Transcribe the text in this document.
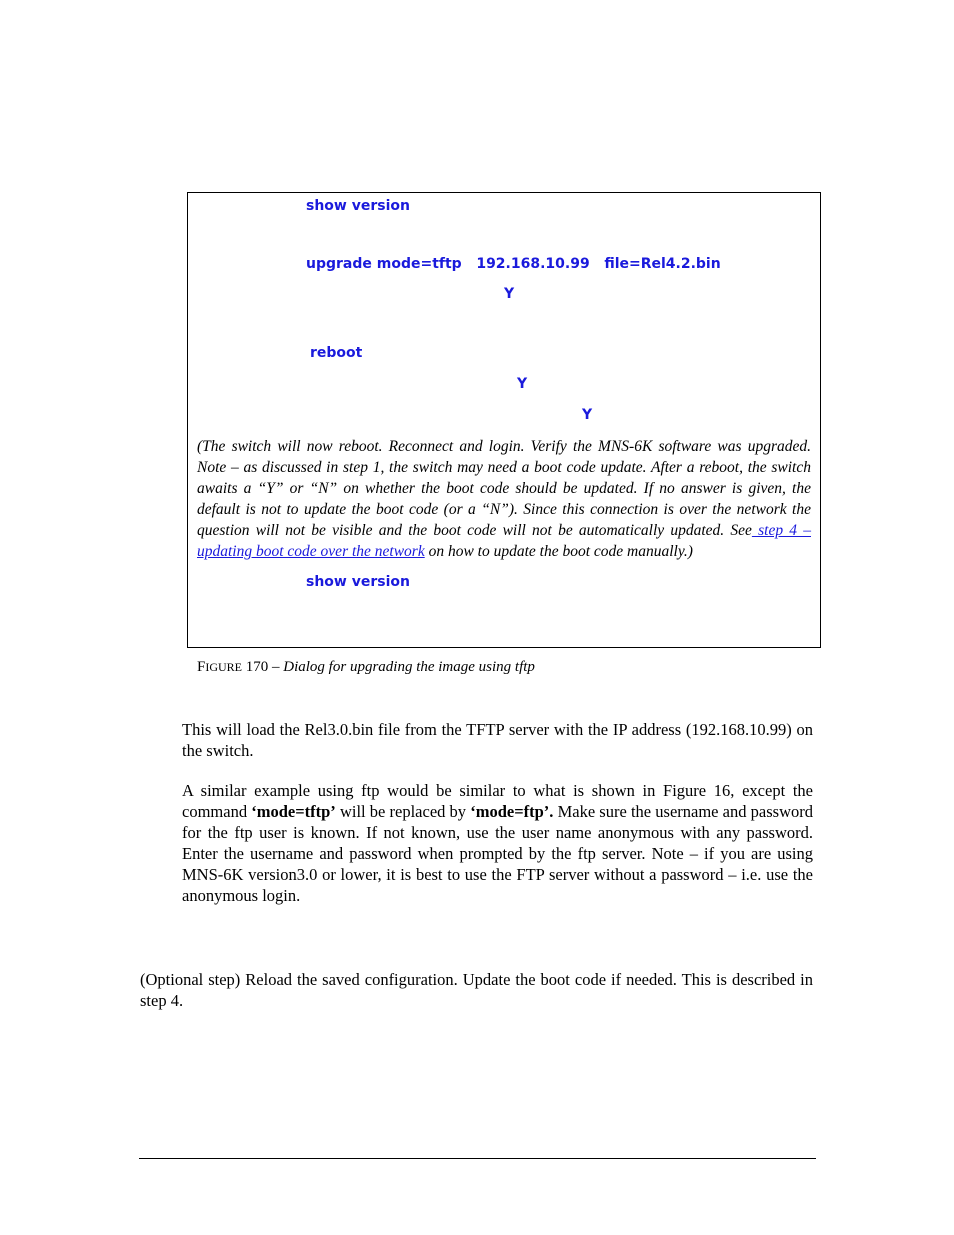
show version
upgrade mode=tftp   192.168.10.99   file=Rel4.2.bin
Y
reboot
Y
Y
(The switch will now reboot. Reconnect and login. Verify the MNS-6K software was upgraded. Note – as discussed in step 1, the switch may need a boot code update. After a reboot, the switch awaits a “Y” or “N” on whether the boot code should be updated. If no answer is given, the default is not to update the boot code (or a “N”). Since this connection is over the network the question will not be visible and the boot code will not be automatically updated. See step 4 – updating boot code over the network on how to update the boot code manually.)
show version
FIGURE 170 – Dialog for upgrading the image using tftp
This will load the Rel3.0.bin file from the TFTP server with the IP address (192.168.10.99) on the switch.
A similar example using ftp would be similar to what is shown in Figure 16, except the command ‘mode=tftp’ will be replaced by ‘mode=ftp’. Make sure the username and password for the ftp user is known. If not known, use the user name anonymous with any password. Enter the username and password when prompted by the ftp server. Note – if you are using MNS-6K version3.0 or lower, it is best to use the FTP server without a password – i.e. use the anonymous login.
(Optional step) Reload the saved configuration. Update the boot code if needed. This is described in step 4.
